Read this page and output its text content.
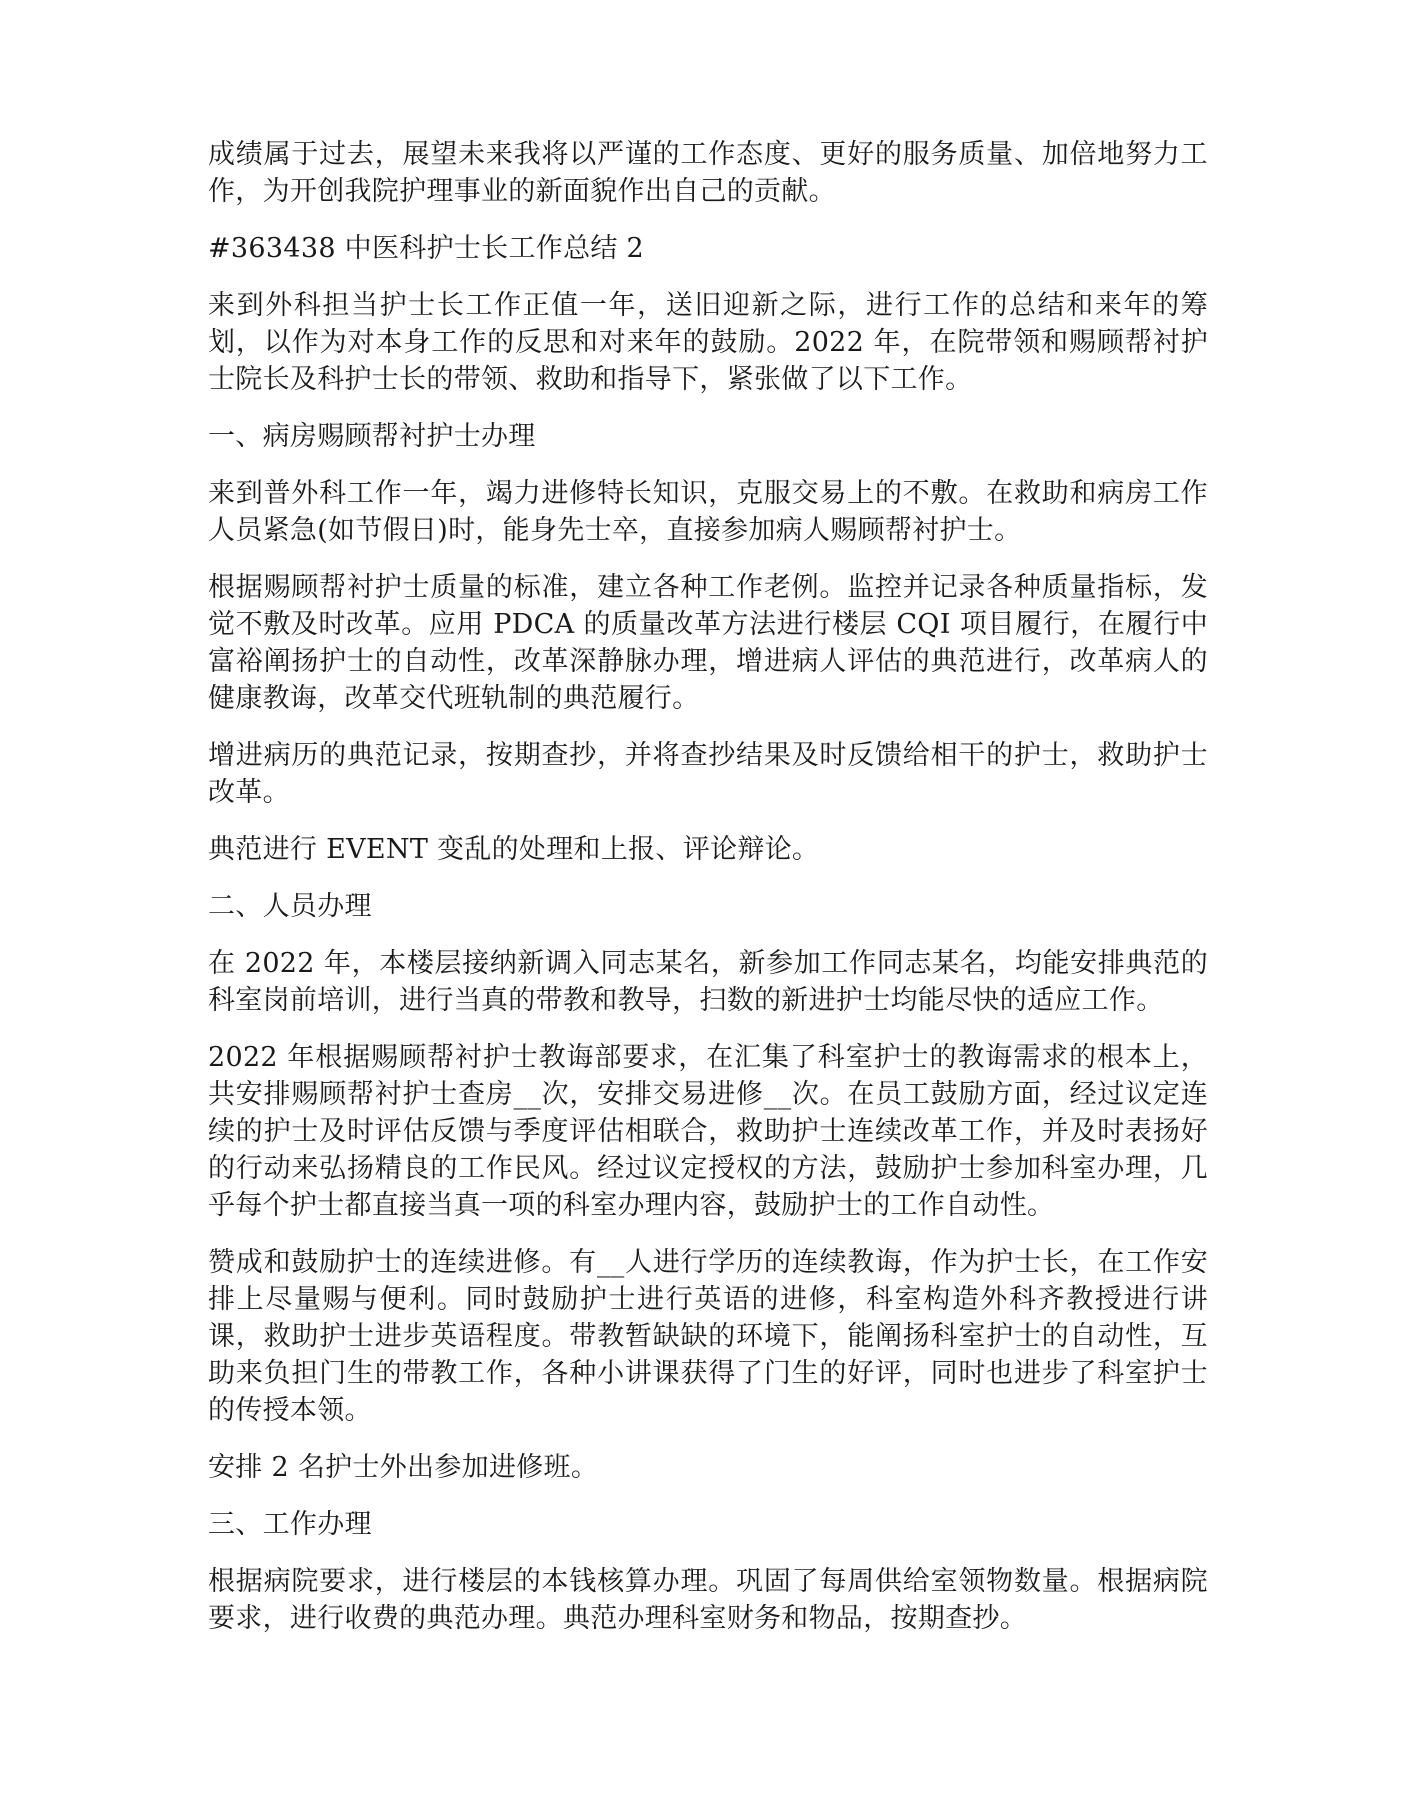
成绩属于过去，展望未来我将以严谨的工作态度、更好的服务质量、加倍地努力工作，为开创我院护理事业的新面貌作出自己的贡献。

#363438 中医科护士长工作总结 2

来到外科担当护士长工作正值一年，送旧迎新之际，进行工作的总结和来年的筹划，以作为对本身工作的反思和对来年的鼓励。2022 年，在院带领和赐顾帮衬护士院长及科护士长的带领、救助和指导下，紧张做了以下工作。

一、病房赐顾帮衬护士办理

来到普外科工作一年，竭力进修特长知识，克服交易上的不敷。在救助和病房工作人员紧急(如节假日)时，能身先士卒，直接参加病人赐顾帮衬护士。

根据赐顾帮衬护士质量的标准，建立各种工作老例。监控并记录各种质量指标，发觉不敷及时改革。应用 PDCA 的质量改革方法进行楼层 CQI 项目履行，在履行中富裕阐扬护士的自动性，改革深静脉办理，增进病人评估的典范进行，改革病人的健康教诲，改革交代班轨制的典范履行。

增进病历的典范记录，按期查抄，并将查抄结果及时反馈给相干的护士，救助护士改革。

典范进行 EVENT 变乱的处理和上报、评论辩论。

二、人员办理

在 2022 年，本楼层接纳新调入同志某名，新参加工作同志某名，均能安排典范的科室岗前培训，进行当真的带教和教导，扫数的新进护士均能尽快的适应工作。

2022 年根据赐顾帮衬护士教诲部要求，在汇集了科室护士的教诲需求的根本上，共安排赐顾帮衬护士查房__次，安排交易进修__次。在员工鼓励方面，经过议定连续的护士及时评估反馈与季度评估相联合，救助护士连续改革工作，并及时表扬好的行动来弘扬精良的工作民风。经过议定授权的方法，鼓励护士参加科室办理，几乎每个护士都直接当真一项的科室办理内容，鼓励护士的工作自动性。

赞成和鼓励护士的连续进修。有__人进行学历的连续教诲，作为护士长，在工作安排上尽量赐与便利。同时鼓励护士进行英语的进修，科室构造外科齐教授进行讲课，救助护士进步英语程度。带教暂缺缺的环境下，能阐扬科室护士的自动性，互助来负担门生的带教工作，各种小讲课获得了门生的好评，同时也进步了科室护士的传授本领。

安排 2 名护士外出参加进修班。

三、工作办理

根据病院要求，进行楼层的本钱核算办理。巩固了每周供给室领物数量。根据病院要求，进行收费的典范办理。典范办理科室财务和物品，按期查抄。
